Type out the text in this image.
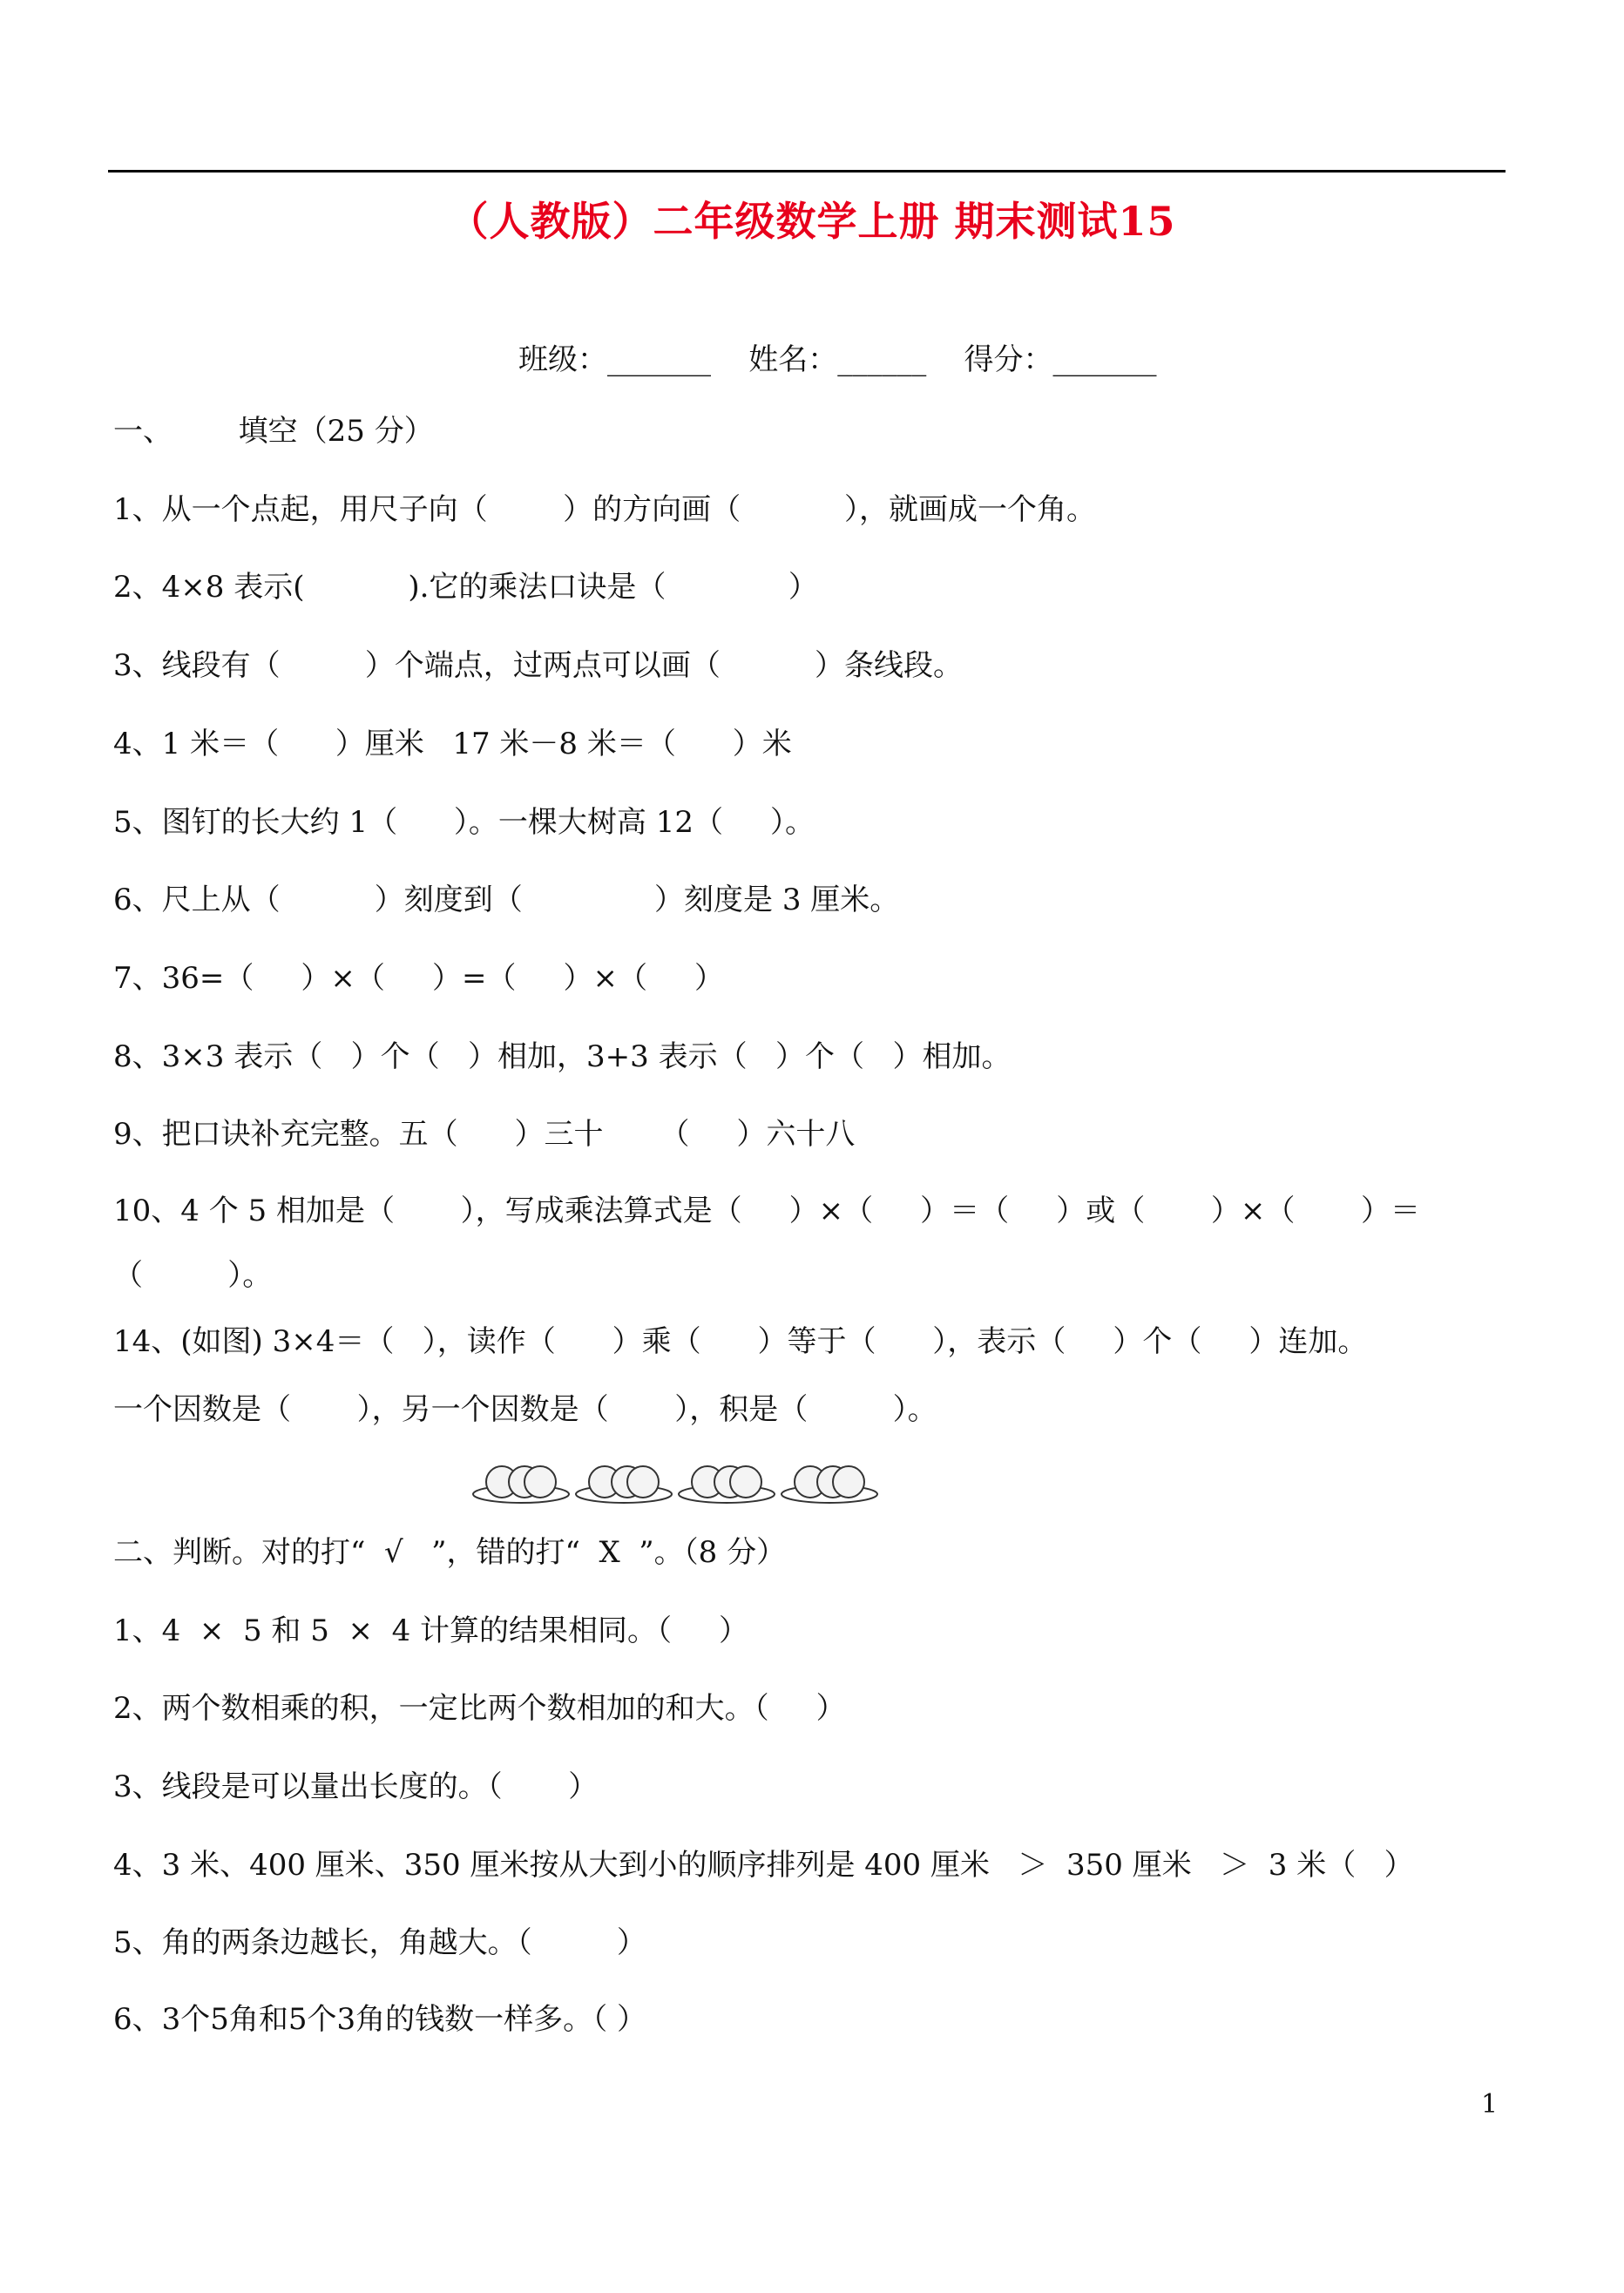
（人教版）二年级数学上册 期末测试15
班级：_______    姓名：______    得分：_______
一、       填空（25 分）
1、从一个点起，用尺子向（        ）的方向画（           ），就画成一个角。
2、4×8 表示(           ).它的乘法口诀是（             ）
3、线段有（         ）个端点，过两点可以画（          ）条线段。
4、1 米＝（      ）厘米   17 米－8 米＝（      ）米
5、图钉的长大约 1（      ）。一棵大树高 12（     ）。
6、尺上从（          ）刻度到（              ）刻度是 3 厘米。
7、36=（     ）×（     ）=（     ）×（     ）
8、3×3 表示（   ）个（   ）相加，3+3 表示（   ）个（   ）相加。
9、把口诀补充完整。五（      ）三十      （     ）六十八
10、4 个 5 相加是（       ），写成乘法算式是（     ）×（     ）＝（     ）或（       ）×（       ）＝
（         ）。
14、(如图) 3×4＝（   ），读作（      ）乘（      ）等于（      ），表示（     ）个（     ）连加。
一个因数是（       ），另一个因数是（       ），积是（         ）。
二、判断。对的打“  √   ”，错的打“  X  ”。（8 分）
1、4  ×  5 和 5  ×  4 计算的结果相同。（     ）
2、两个数相乘的积，一定比两个数相加的和大。（     ）
3、线段是可以量出长度的。（       ）
4、3 米、400 厘米、350 厘米按从大到小的顺序排列是 400 厘米   ＞  350 厘米   ＞  3 米（   ）
5、角的两条边越长，角越大。（         ）
6、3个5角和5个3角的钱数一样多。（ ）
1
